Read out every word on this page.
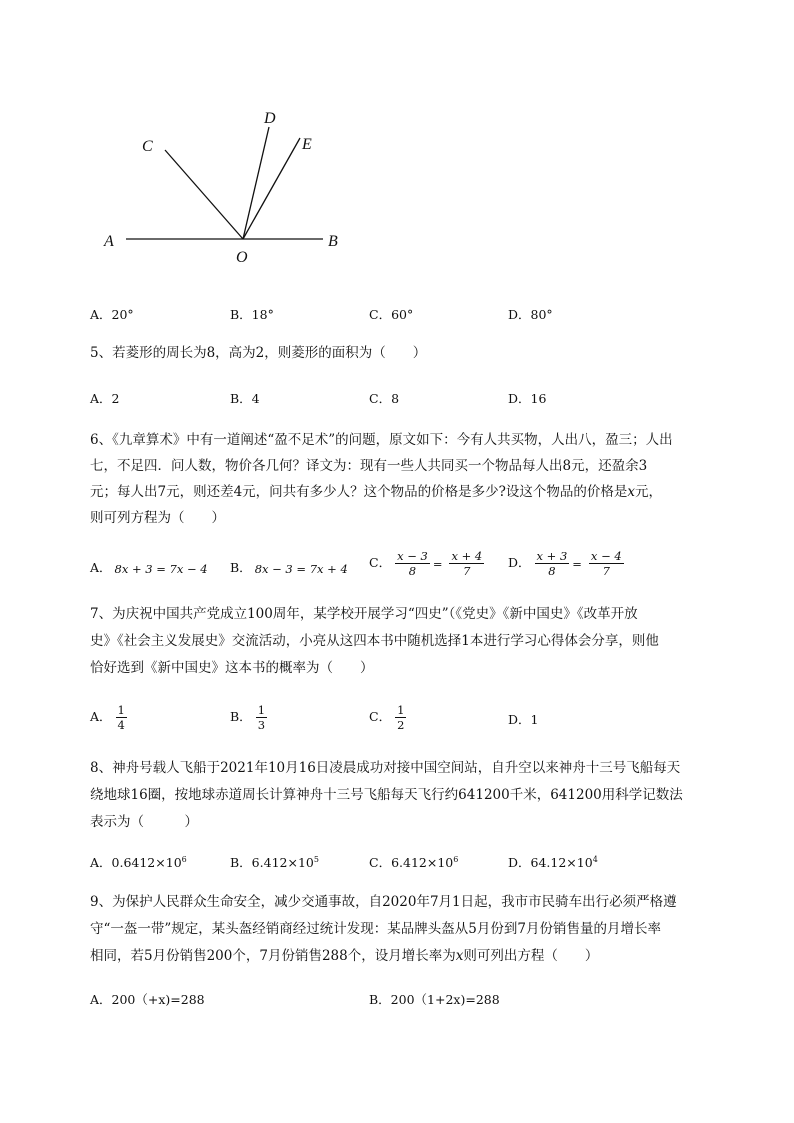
A	B
C
D
E
O
A．20°	B．18°	C．60°	D．80°
5、若菱形的周长为8，高为2，则菱形的面积为（　　）
A．2	B．4	C．8	D．16
6、《九章算术》中有一道阐述“盈不足术”的问题，原文如下：今有人共买物，人出八，盈三；人出
七，不足四．问人数，物价各几何？译文为：现有一些人共同买一个物品每人出8元，还盈余3
元；每人出7元，则还差4元，问共有多少人？这个物品的价格是多少?设这个物品的价格是x元，
则可列方程为（　　）
A． 8x + 3 = 7x − 4 B． 8x − 3 = 7x + 4 C． $\frac{x - 3}{8} = \frac{x + 4}{7}$ D． $\frac{x + 3}{8} = \frac{x - 4}{7}$
7、为庆祝中国共产党成立100周年，某学校开展学习“四史”（《党史》《新中国史》《改革开放
史》《社会主义发展史》交流活动，小亮从这四本书中随机选择1本进行学习心得体会分享，则他
恰好选到《新中国史》这本书的概率为（　　）
A． $\frac{1}{4}$	B． $\frac{1}{3}$	C． $\frac{1}{2}$	D．1
8、神舟号载人飞船于2021年10月16日凌晨成功对接中国空间站，自升空以来神舟十三号飞船每天
绕地球16圈，按地球赤道周长计算神舟十三号飞船每天飞行约641200千米，641200用科学记数法
表示为（　　　）
A．$0.6412\times 10^6$	B．$6.412\times 10^5$	C．$6.412\times 10^6$	D．$64.12\times 10^4$
9、为保护人民群众生命安全，减少交通事故，自2020年7月1日起，我市市民骑车出行必须严格遵
守“一盔一带”规定，某头盔经销商经过统计发现：某品牌头盔从5月份到7月份销售量的月增长率
相同，若5月份销售200个，7月份销售288个，设月增长率为x则可列出方程（　　）
A．200（+x)=288	B．200（1+2x)=288
